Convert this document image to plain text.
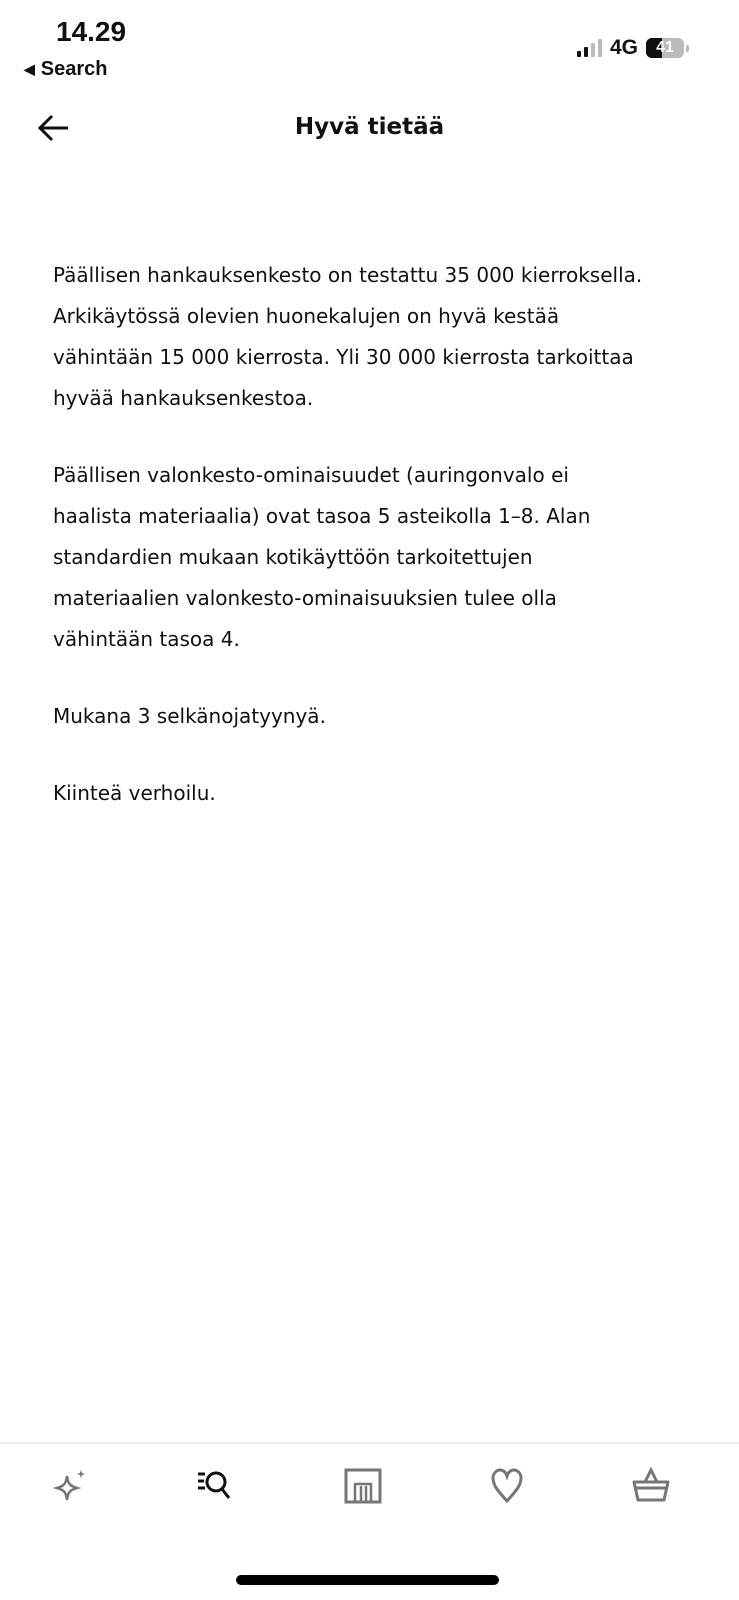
14.29
◀ Search
4G 41
Hyvä tietää

Päällisen hankauksenkesto on testattu 35 000 kierroksella.
Arkikäytössä olevien huonekalujen on hyvä kestää
vähintään 15 000 kierrosta. Yli 30 000 kierrosta tarkoittaa
hyvää hankauksenkestoa.

Päällisen valonkesto-ominaisuudet (auringonvalo ei
haalista materiaalia) ovat tasoa 5 asteikolla 1–8. Alan
standardien mukaan kotikäyttöön tarkoitettujen
materiaalien valonkesto-ominaisuuksien tulee olla
vähintään tasoa 4.

Mukana 3 selkänojatyynyä.

Kiinteä verhoilu.
